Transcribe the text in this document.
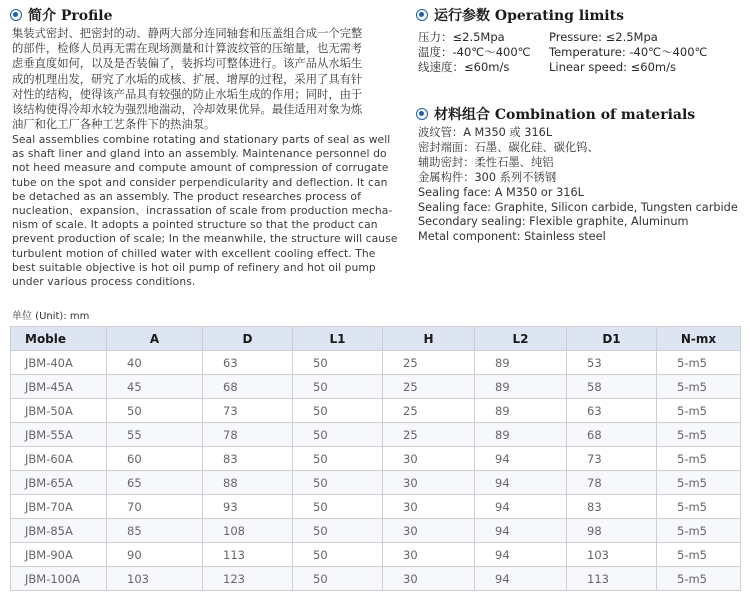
简介 Profile
集装式密封、把密封的动、静两大部分连同轴套和压盖组合成一个完整
的部件，检修人员再无需在现场测量和计算波纹管的压缩量，也无需考
虑垂直度如何，以及是否装偏了，装拆均可整体进行。该产品从水垢生
成的机理出发，研究了水垢的成核、扩展、增厚的过程，采用了具有针
对性的结构，使得该产品具有较强的防止水垢生成的作用；同时，由于
该结构使得冷却水较为强烈地湍动，冷却效果优异。最佳适用对象为炼
油厂和化工厂各种工艺条件下的热油泵。
Seal assemblies combine rotating and stationary parts of seal as well
as shaft liner and gland into an assembly. Maintenance personnel do
not heed measure and compute amount of compression of corrugate
tube on the spot and consider perpendicularity and deflection. It can
be detached as an assembly. The product researches process of
nucleation、expansion、incrassation of scale from production mecha-
nism of scale. It adopts a pointed structure so that the product can
prevent production of scale; In the meanwhile, the structure will cause
turbulent motion of chilled water with excellent cooling effect. The
best suitable objective is hot oil pump of refinery and hot oil pump
under various process conditions.
运行参数 Operating limits
压力：≤2.5Mpa	Pressure: ≤2.5Mpa
温度：-40℃～400℃	Temperature: -40℃～400℃
线速度：≤60m/s	Linear speed: ≤60m/s
材料组合 Combination of materials
波纹管：A M350 或 316L
密封端面：石墨、碳化硅、碳化钨、
辅助密封：柔性石墨、纯铝
金属构件：300 系列不锈钢
Sealing face: A M350 or 316L
Sealing face: Graphite, Silicon carbide, Tungsten carbide
Secondary sealing: Flexible graphite, Aluminum
Metal component: Stainless steel
单位 (Unit): mm
Moble	A	D	L1	H	L2	D1	N-mx
JBM-40A	40	63	50	25	89	53	5-m5
JBM-45A	45	68	50	25	89	58	5-m5
JBM-50A	50	73	50	25	89	63	5-m5
JBM-55A	55	78	50	25	89	68	5-m5
JBM-60A	60	83	50	30	94	73	5-m5
JBM-65A	65	88	50	30	94	78	5-m5
JBM-70A	70	93	50	30	94	83	5-m5
JBM-85A	85	108	50	30	94	98	5-m5
JBM-90A	90	113	50	30	94	103	5-m5
JBM-100A	103	123	50	30	94	113	5-m5
